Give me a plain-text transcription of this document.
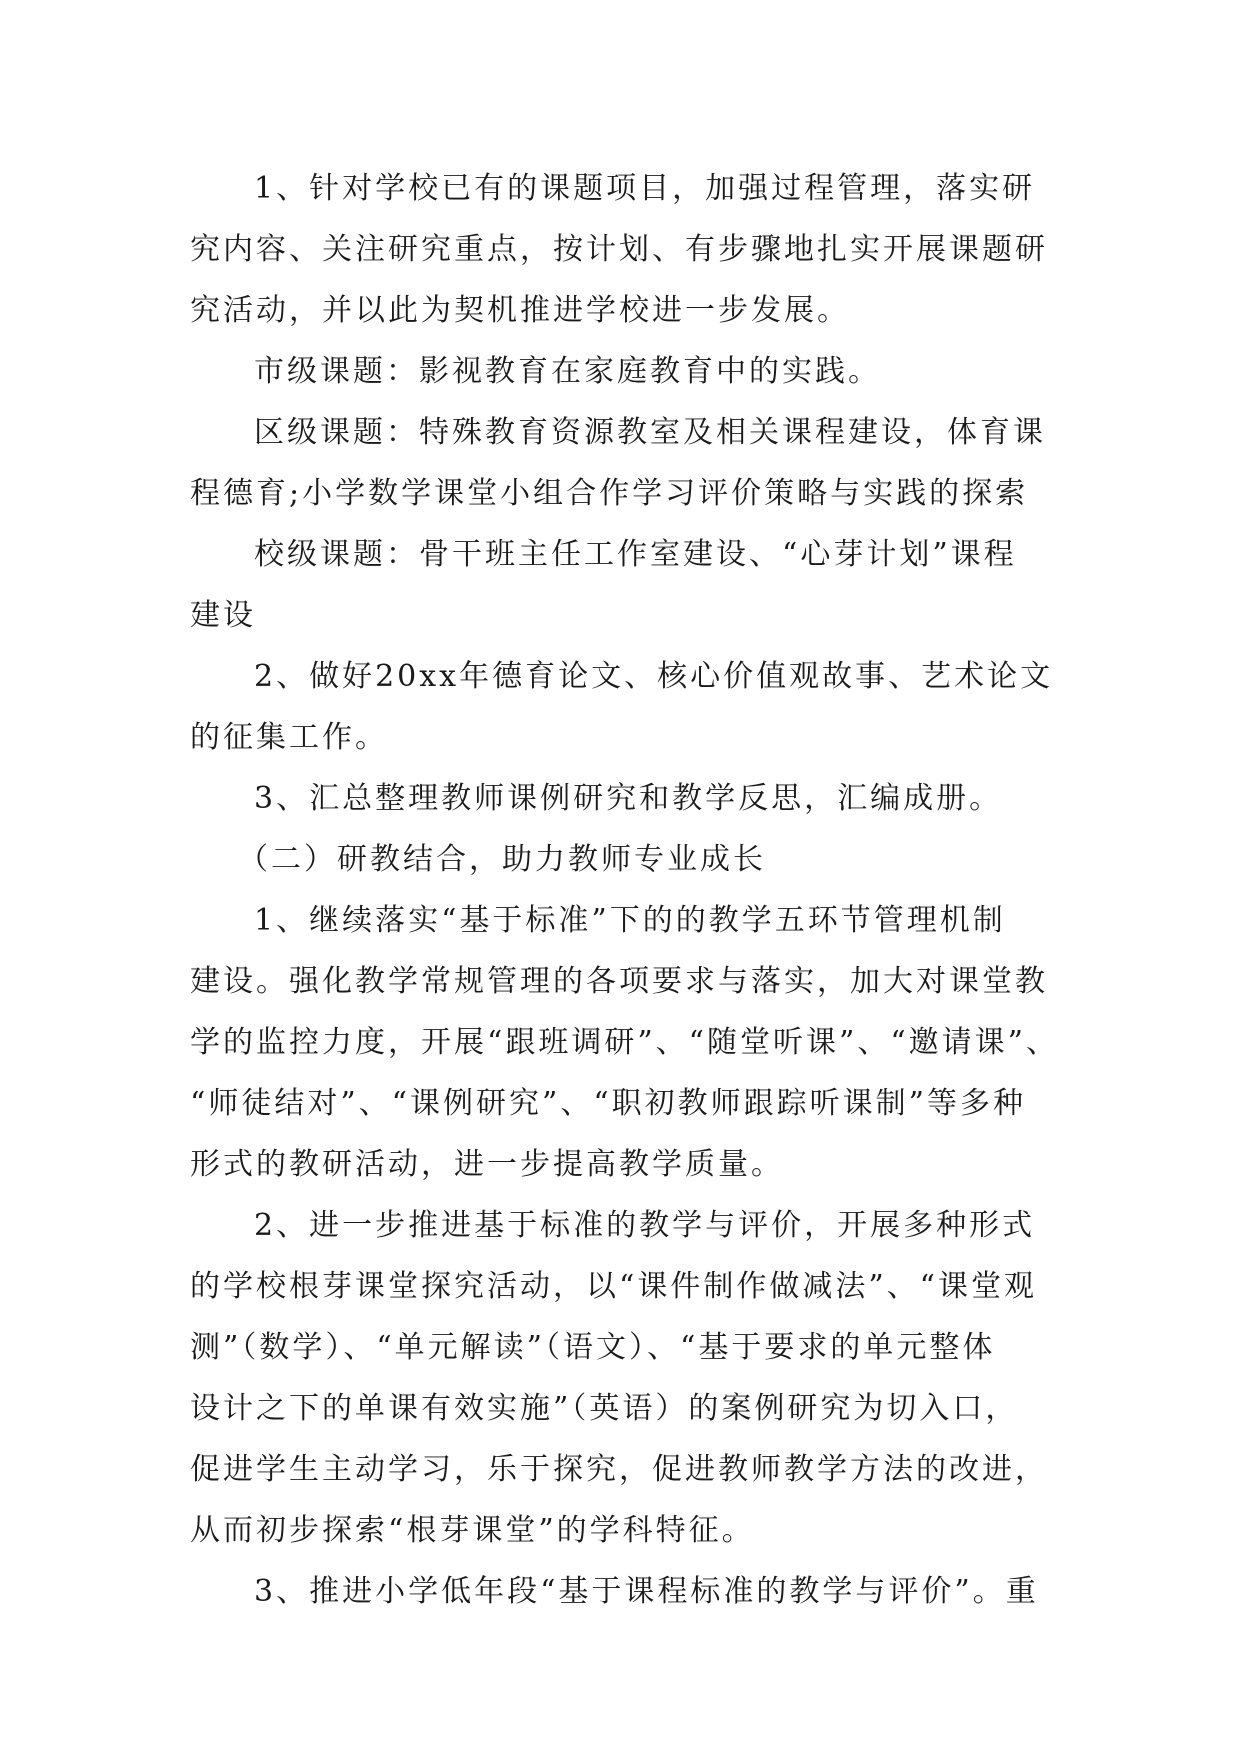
1、针对学校已有的课题项目，加强过程管理，落实研
究内容、关注研究重点，按计划、有步骤地扎实开展课题研
究活动，并以此为契机推进学校进一步发展。
市级课题：影视教育在家庭教育中的实践。
区级课题：特殊教育资源教室及相关课程建设，体育课
程德育;小学数学课堂小组合作学习评价策略与实践的探索
校级课题：骨干班主任工作室建设、“心芽计划”课程
建设
2、做好20xx年德育论文、核心价值观故事、艺术论文
的征集工作。
3、汇总整理教师课例研究和教学反思，汇编成册。
（二）研教结合，助力教师专业成长
1、继续落实“基于标准”下的的教学五环节管理机制
建设。强化教学常规管理的各项要求与落实，加大对课堂教
学的监控力度，开展“跟班调研”、“随堂听课”、“邀请课”、
“师徒结对”、“课例研究”、“职初教师跟踪听课制”等多种
形式的教研活动，进一步提高教学质量。
2、进一步推进基于标准的教学与评价，开展多种形式
的学校根芽课堂探究活动，以“课件制作做减法”、“课堂观
测”（数学）、“单元解读”（语文）、“基于要求的单元整体
设计之下的单课有效实施”（英语）的案例研究为切入口，
促进学生主动学习，乐于探究，促进教师教学方法的改进，
从而初步探索“根芽课堂”的学科特征。
3、推进小学低年段“基于课程标准的教学与评价”。重
